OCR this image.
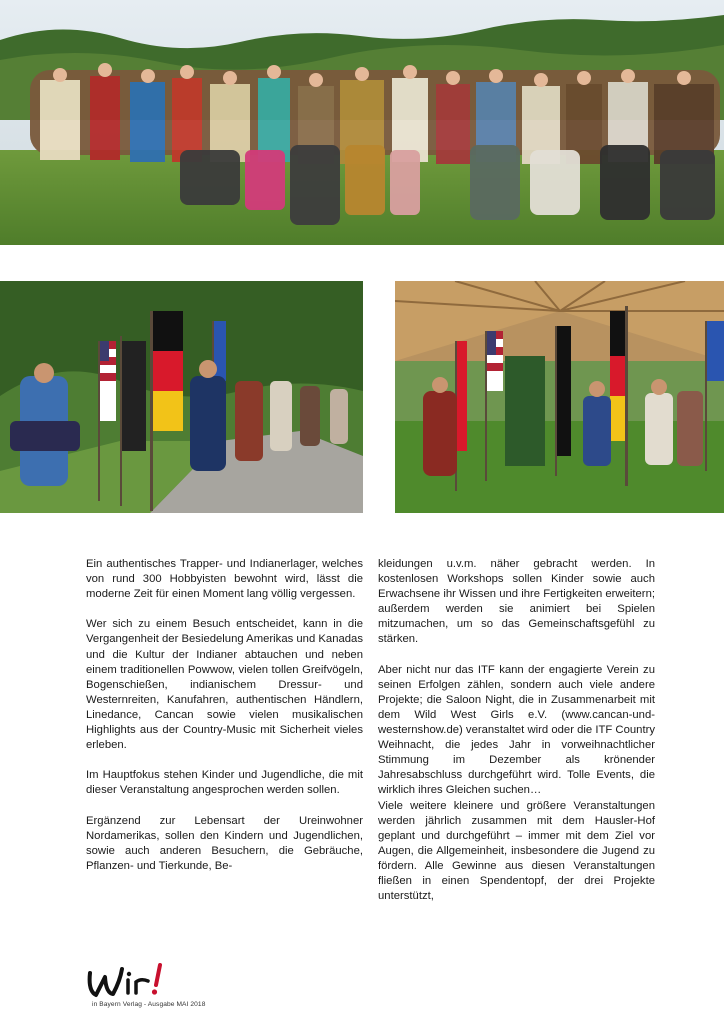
Ein authentisches Trapper- und Indianerlager, welches von rund 300 Hobbyisten bewohnt wird, lässt die moderne Zeit für einen Moment lang völlig vergessen.

Wer sich zu einem Besuch entscheidet, kann in die Vergangenheit der Besiedelung Amerikas und Kanadas und die Kultur der Indianer abtauchen und neben einem traditionellen Powwow, vielen tollen Greifvögeln, Bogenschießen, indianischem Dressur- und Westernreiten, Kanufahren, authentischen Händlern, Linedance, Cancan sowie vielen musikalischen Highlights aus der Country-Music mit Sicherheit vieles erleben.

Im Hauptfokus stehen Kinder und Jugendliche, die mit dieser Veranstaltung angesprochen werden sollen.

Ergänzend zur Lebensart der Ureinwohner Nordamerikas, sollen den Kindern und Jugendlichen, sowie auch anderen Besuchern, die Gebräuche, Pflanzen- und Tierkunde, Be-

kleidungen u.v.m. näher gebracht werden. In kostenlosen Workshops sollen Kinder sowie auch Erwachsene ihr Wissen und ihre Fertigkeiten erweitern; außerdem werden sie animiert bei Spielen mitzumachen, um so das Gemeinschaftsgefühl zu stärken.

Aber nicht nur das ITF kann der engagierte Verein zu seinen Erfolgen zählen, sondern auch viele andere Projekte; die Saloon Night, die in Zusammenarbeit mit dem Wild West Girls e.V. (www.cancan-und-westernshow.de) veranstaltet wird oder die ITF Country Weihnacht, die jedes Jahr in vorweihnachtlicher Stimmung im Dezember als krönender Jahresabschluss durchgeführt wird. Tolle Events, die wirklich ihres Gleichen suchen…

Viele weitere kleinere und größere Veranstaltungen werden jährlich zusammen mit dem Hausler-Hof geplant und durchgeführt – immer mit dem Ziel vor Augen, die Allgemeinheit, insbesondere die Jugend zu fördern. Alle Gewinne aus diesen Veranstaltungen fließen in einen Spendentopf, der drei Projekte unterstützt,

in Bayern Verlag - Ausgabe MAI 2018
